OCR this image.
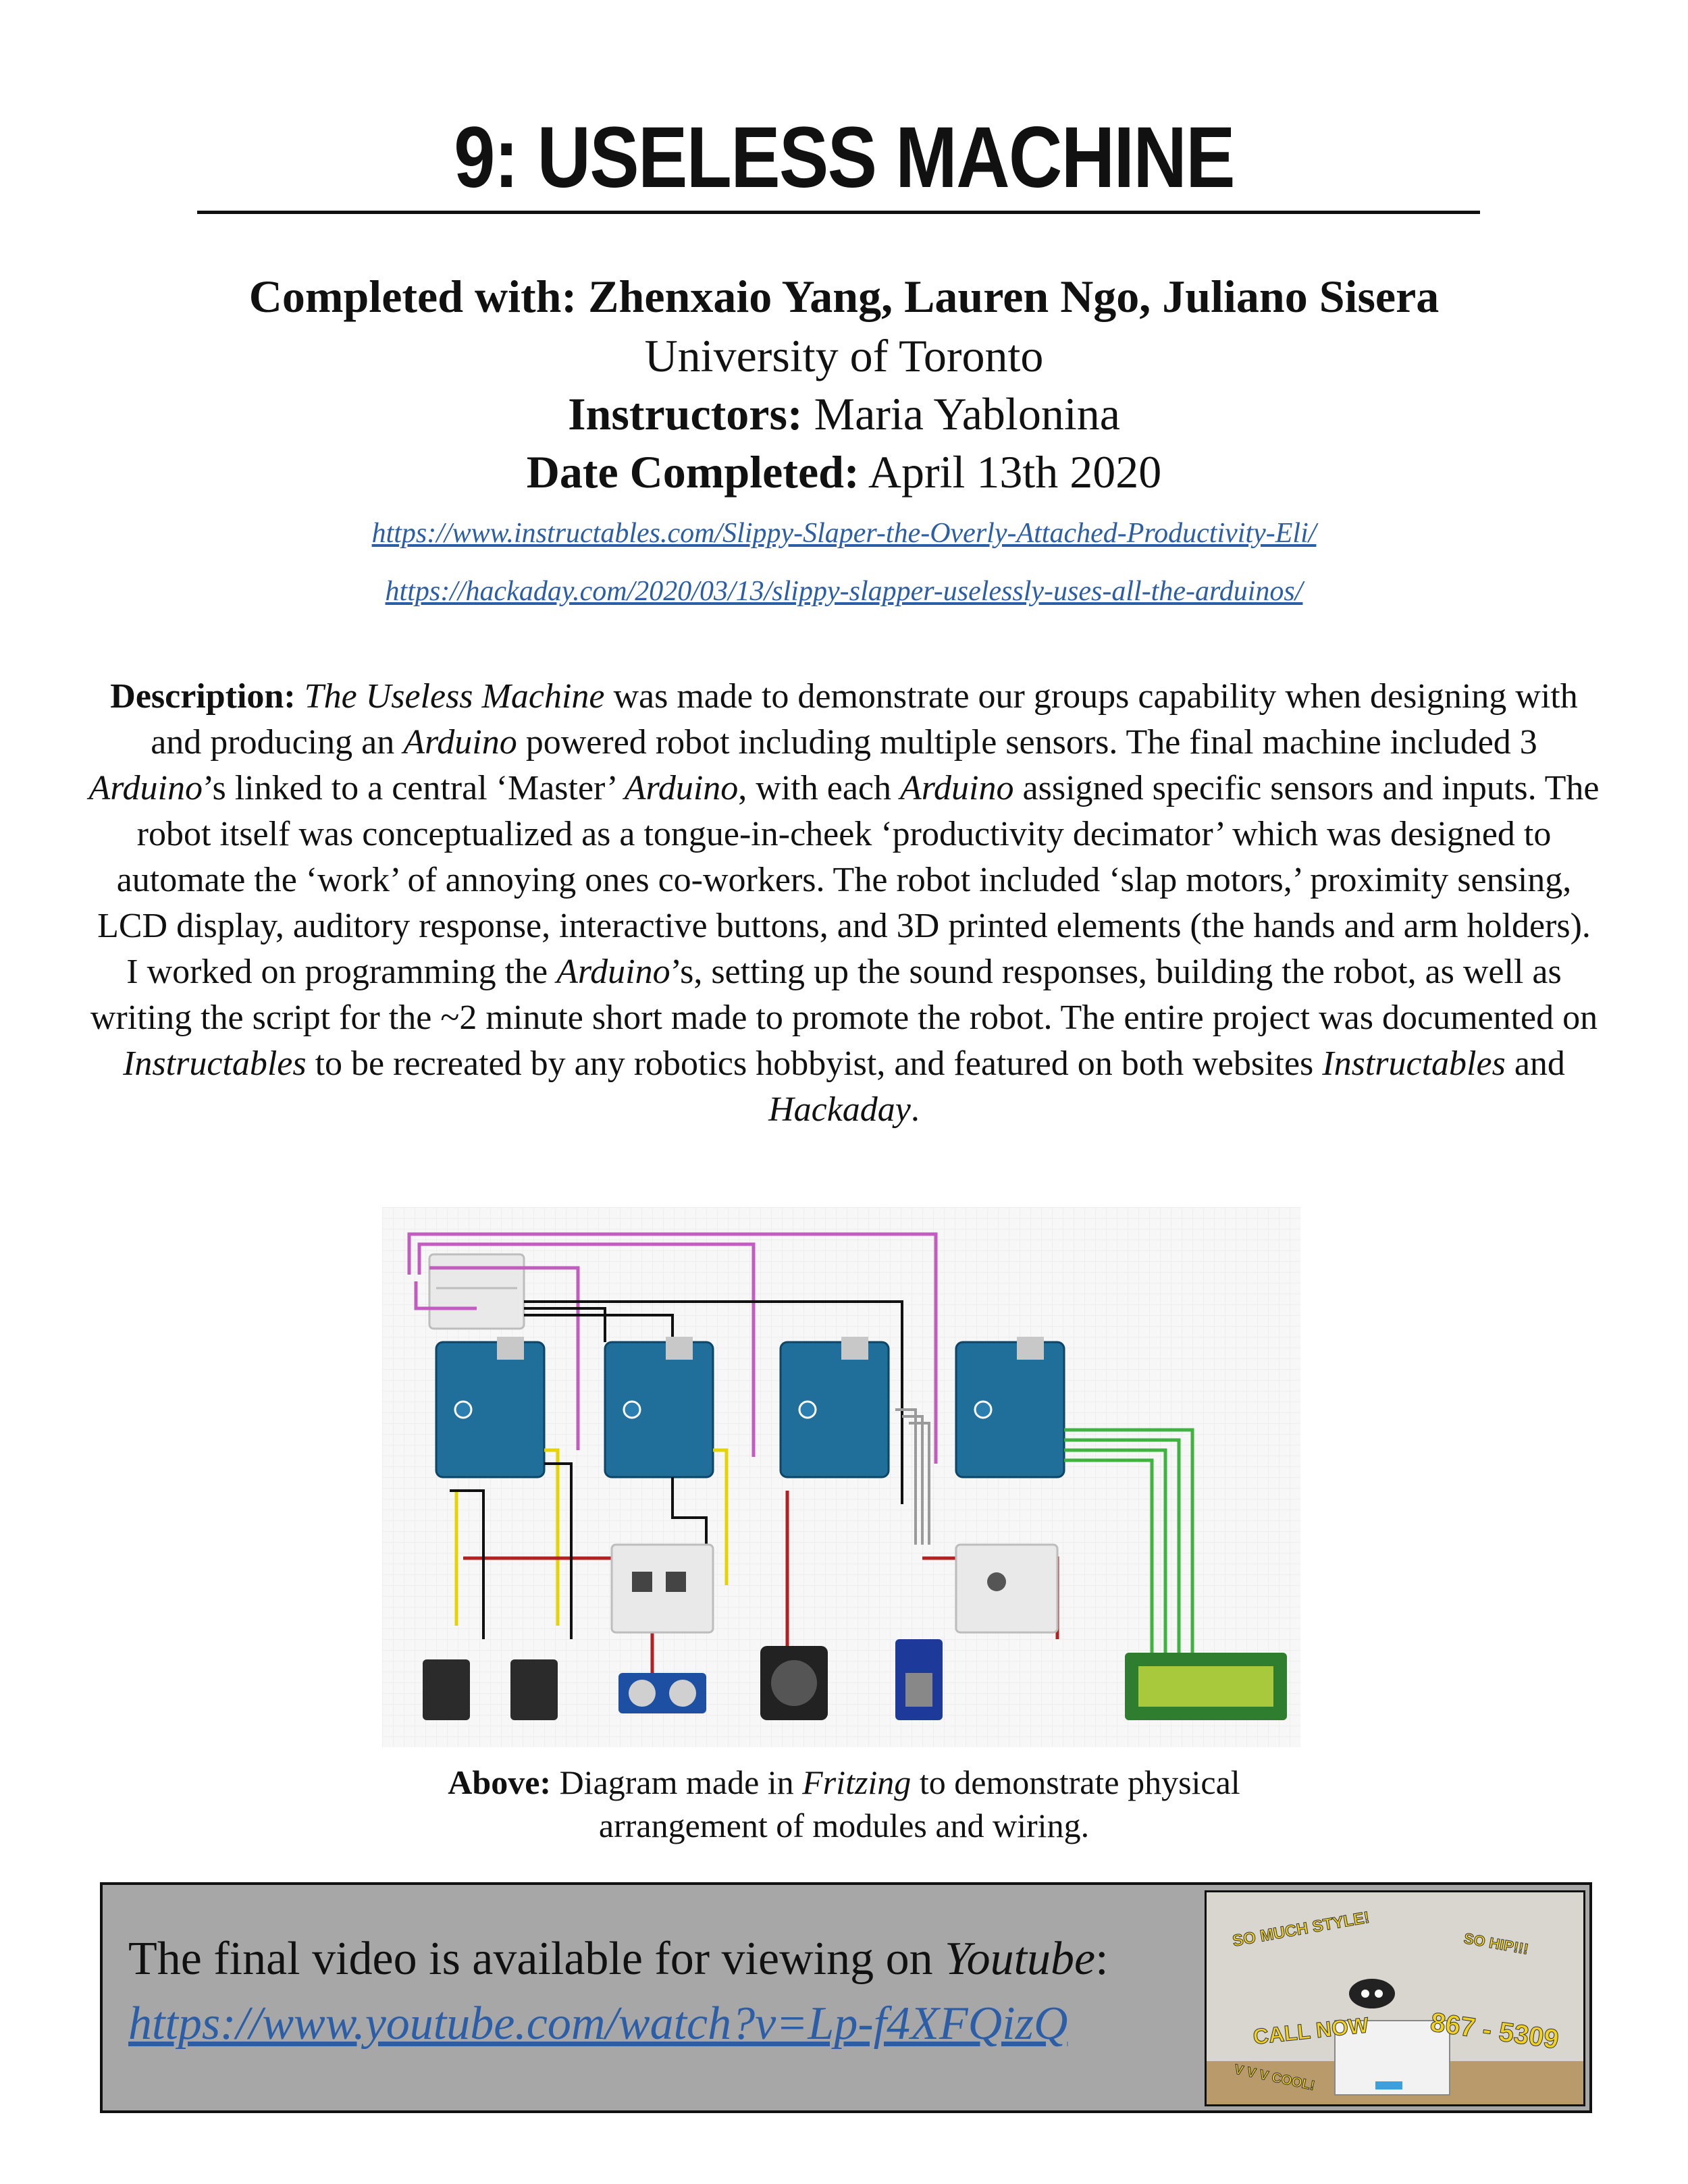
9: USELESS MACHINE
Completed with: Zhenxaio Yang, Lauren Ngo, Juliano Sisera
University of Toronto
Instructors: Maria Yablonina
Date Completed: April 13th 2020
https://www.instructables.com/Slippy-Slaper-the-Overly-Attached-Productivity-Eli/
https://hackaday.com/2020/03/13/slippy-slapper-uselessly-uses-all-the-arduinos/
Description: The Useless Machine was made to demonstrate our groups capability when designing with and producing an Arduino powered robot including multiple sensors. The final machine included 3 Arduino’s linked to a central ‘Master’ Arduino, with each Arduino assigned specific sensors and inputs. The robot itself was conceptualized as a tongue-in-cheek ‘productivity decimator’ which was designed to automate the ‘work’ of annoying ones co-workers. The robot included ‘slap motors,’ proximity sensing, LCD display, auditory response, interactive buttons, and 3D printed elements (the hands and arm holders). I worked on programming the Arduino’s, setting up the sound responses, building the robot, as well as writing the script for the ~2 minute short made to promote the robot. The entire project was documented on Instructables to be recreated by any robotics hobbyist, and featured on both websites Instructables and Hackaday.
Above: Diagram made in Fritzing to demonstrate physical
arrangement of modules and wiring.
The final video is available for viewing on Youtube:
https://www.youtube.com/watch?v=Lp-f4XFQizQ
SO MUCH STYLE!	SO HIP!!!
CALL NOW 867 - 5309
V V V COOL!
